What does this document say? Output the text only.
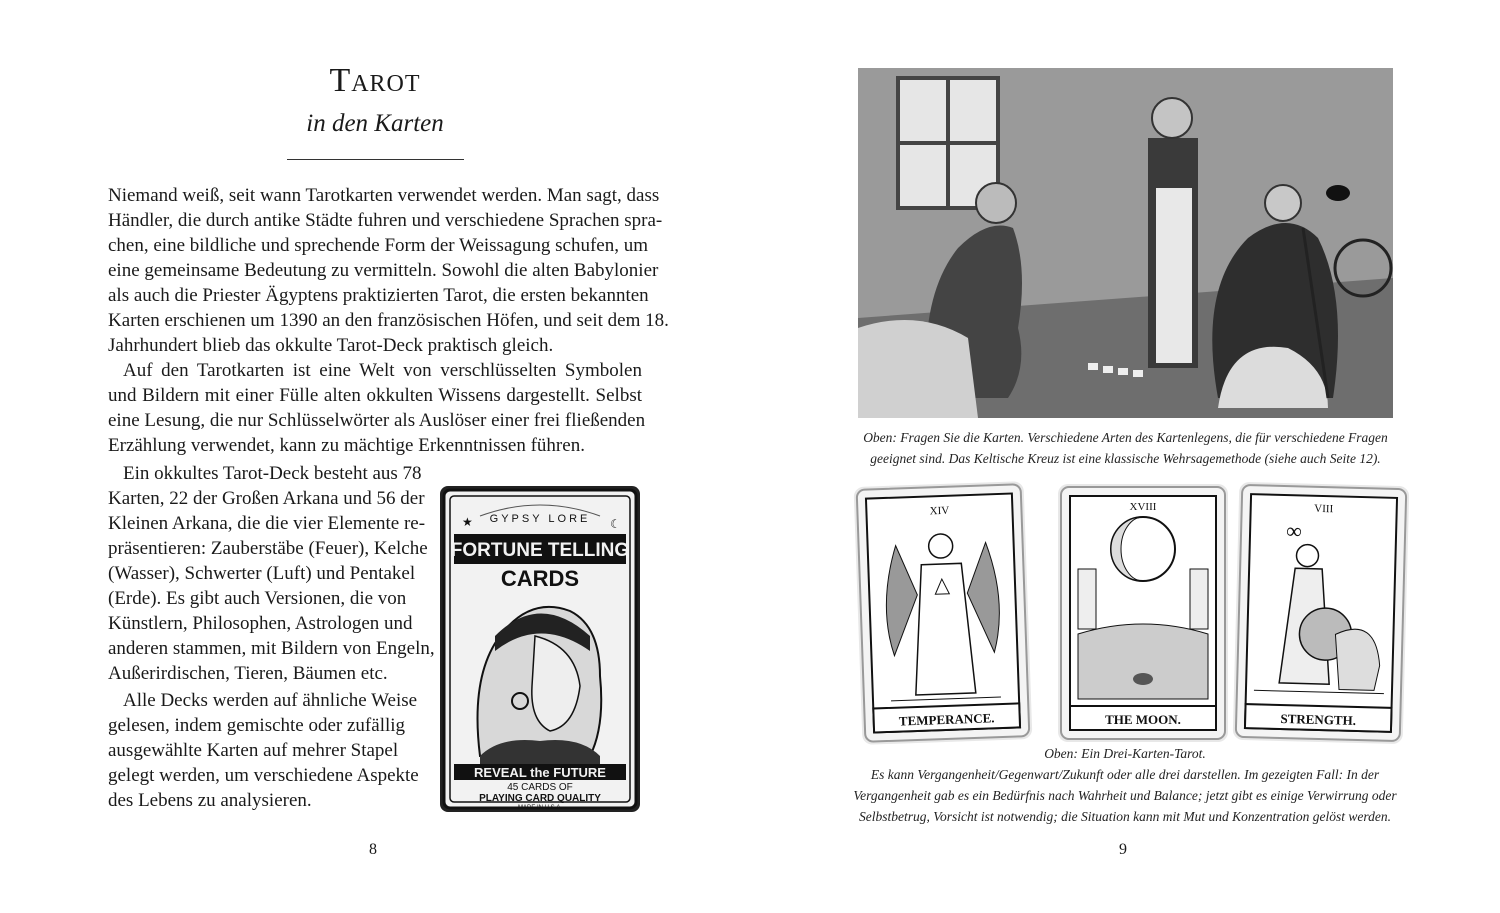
Tarot
in den Karten
Niemand weiß, seit wann Tarotkarten verwendet werden. Man sagt, dass
Händler, die durch antike Städte fuhren und verschiedene Sprachen spra-
chen, eine bildliche und sprechende Form der Weissagung schufen, um
eine gemeinsame Bedeutung zu vermitteln. Sowohl die alten Babylonier
als auch die Priester Ägyptens praktizierten Tarot, die ersten bekannten
Karten erschienen um 1390 an den französischen Höfen, und seit dem 18.
Jahrhundert blieb das okkulte Tarot-Deck praktisch gleich.
Auf den Tarotkarten ist eine Welt von verschlüsselten Symbolen
und Bildern mit einer Fülle alten okkulten Wissens dargestellt. Selbst
eine Lesung, die nur Schlüsselwörter als Auslöser einer frei fließenden
Erzählung verwendet, kann zu mächtige Erkenntnissen führen.
Ein okkultes Tarot-Deck besteht aus 78
Karten, 22 der Großen Arkana und 56 der
Kleinen Arkana, die die vier Elemente re-
präsentieren: Zauberstäbe (Feuer), Kelche
(Wasser), Schwerter (Luft) und Pentakel
(Erde). Es gibt auch Versionen, die von
Künstlern, Philosophen, Astrologen und
anderen stammen, mit Bildern von Engeln,
Außerirdischen, Tieren, Bäumen etc.
Alle Decks werden auf ähnliche Weise
gelesen, indem gemischte oder zufällig
ausgewählte Karten auf mehrer Stapel
gelegt werden, um verschiedene Aspekte
des Lebens zu analysieren.
GYPSY LORE
★	☾
FORTUNE TELLING
CARDS
REVEAL the FUTURE
45 CARDS OF
PLAYING CARD QUALITY
MADE IN U.S.A.
8
Oben: Fragen Sie die Karten. Verschiedene Arten des Kartenlegens, die für verschiedene Fragen
geeignet sind. Das Keltische Kreuz ist eine klassische Wehrsagemethode (siehe auch Seite 12).
XIV
TEMPERANCE.
XVIII
THE MOON.
VIII
∞
STRENGTH.
Oben: Ein Drei-Karten-Tarot.
Es kann Vergangenheit/Gegenwart/Zukunft oder alle drei darstellen. Im gezeigten Fall: In der
Vergangenheit gab es ein Bedürfnis nach Wahrheit und Balance; jetzt gibt es einige Verwirrung oder
Selbstbetrug, Vorsicht ist notwendig; die Situation kann mit Mut und Konzentration gelöst werden.
9
